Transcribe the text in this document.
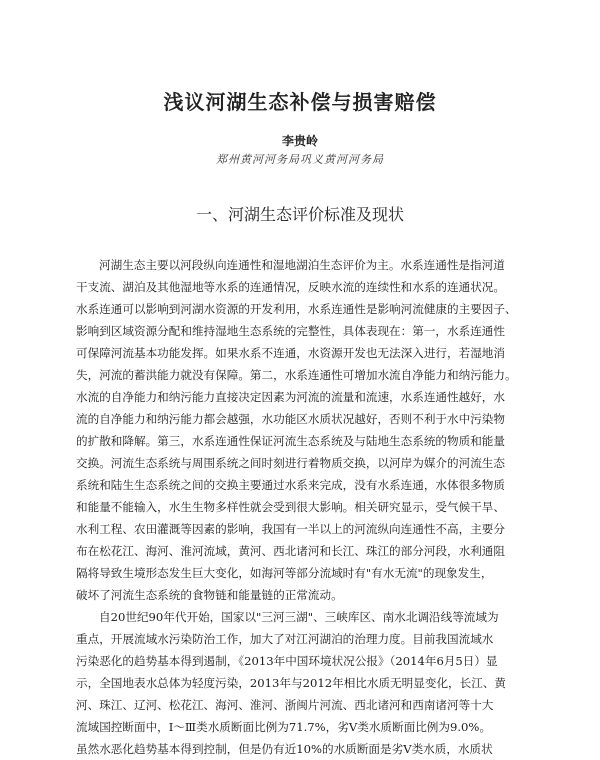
浅议河湖生态补偿与损害赔偿
李贵岭
郑州黄河河务局巩义黄河河务局
一、河湖生态评价标准及现状
河湖生态主要以河段纵向连通性和湿地湖泊生态评价为主。水系连通性是指河道
干支流、湖泊及其他湿地等水系的连通情况，反映水流的连续性和水系的连通状况。
水系连通可以影响到河湖水资源的开发利用，水系连通性是影响河流健康的主要因子、
影响到区域资源分配和维持湿地生态系统的完整性，具体表现在：第一，水系连通性
可保障河流基本功能发挥。如果水系不连通，水资源开发也无法深入进行，若湿地消
失，河流的蓄洪能力就没有保障。第二，水系连通性可增加水流自净能力和纳污能力。
水流的自净能力和纳污能力直接决定因素为河流的流量和流速，水系连通性越好，水
流的自净能力和纳污能力都会越强，水功能区水质状况越好，否则不利于水中污染物
的扩散和降解。第三，水系连通性保证河流生态系统及与陆地生态系统的物质和能量
交换。河流生态系统与周围系统之间时刻进行着物质交换，以河岸为媒介的河流生态
系统和陆生生态系统之间的交换主要通过水系来完成，没有水系连通，水体很多物质
和能量不能输入，水生生物多样性就会受到很大影响。相关研究显示，受气候干旱、
水利工程、农田灌溉等因素的影响，我国有一半以上的河流纵向连通性不高，主要分
布在松花江、海河、淮河流域，黄河、西北诸河和长江、珠江的部分河段，水利通阻
隔将导致生境形态发生巨大变化，如海河等部分流域时有"有水无流"的现象发生，
破坏了河流生态系统的食物链和能量链的正常流动。
自20世纪90年代开始，国家以"三河三湖"、三峡库区、南水北调沿线等流域为
重点，开展流域水污染防治工作，加大了对江河湖泊的治理力度。目前我国流域水
污染恶化的趋势基本得到遏制，《2013年中国环境状况公报》（2014年6月5日）显
示，全国地表水总体为轻度污染，2013年与2012年相比水质无明显变化，长江、黄
河、珠江、辽河、松花江、海河、淮河、浙闽片河流、西北诸河和西南诸河等十大
流域国控断面中，Ⅰ～Ⅲ类水质断面比例为71.7%，劣Ⅴ类水质断面比例为9.0%。
虽然水恶化趋势基本得到控制，但是仍有近10%的水质断面是劣Ⅴ类水质，水质状
